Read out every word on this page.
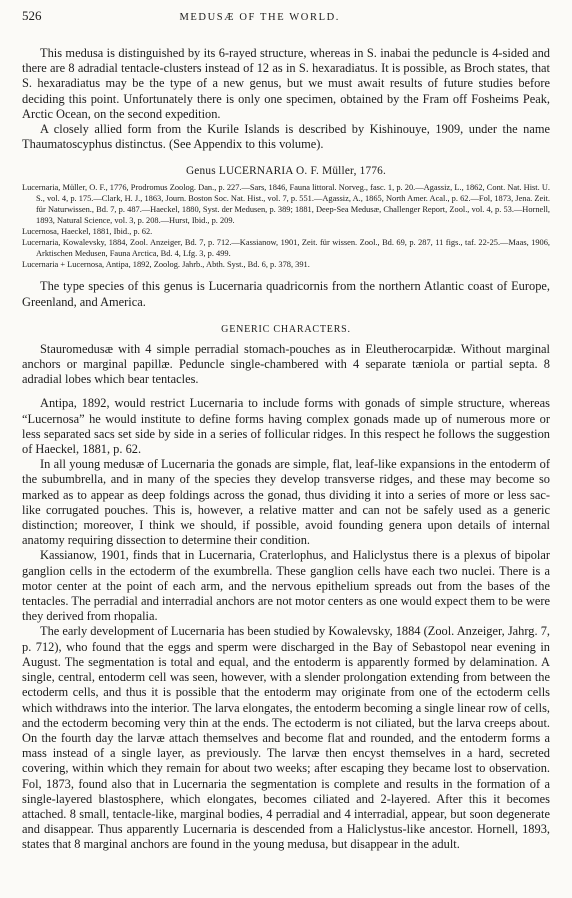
526	MEDUSÆ OF THE WORLD.

This medusa is distinguished by its 6-rayed structure, whereas in S. inabai the peduncle is 4-sided and there are 8 adradial tentacle-clusters instead of 12 as in S. hexaradiatus. It is possible, as Broch states, that S. hexaradiatus may be the type of a new genus, but we must await results of future studies before deciding this point. Unfortunately there is only one specimen, obtained by the Fram off Fosheims Peak, Arctic Ocean, on the second expedition.

A closely allied form from the Kurile Islands is described by Kishinouye, 1909, under the name Thaumatoscyphus distinctus. (See Appendix to this volume).

Genus LUCERNARIA O. F. Müller, 1776.

Lucernaria, Müller, O. F., 1776, Prodromus Zoolog. Dan., p. 227.—Sars, 1846, Fauna littoral. Norveg., fasc. 1, p. 20.—Agassiz, L., 1862, Cont. Nat. Hist. U. S., vol. 4, p. 175.—Clark, H. J., 1863, Journ. Boston Soc. Nat. Hist., vol. 7, p. 551.—Agassiz, A., 1865, North Amer. Acal., p. 62.—Fol, 1873, Jena. Zeit. für Naturwissen., Bd. 7, p. 487.—Haeckel, 1880, Syst. der Medusen, p. 389; 1881, Deep-Sea Medusæ, Challenger Report, Zool., vol. 4, p. 53.—Hornell, 1893, Natural Science, vol. 3, p. 208.—Hurst, Ibid., p. 209.

Lucernosa, Haeckel, 1881, Ibid., p. 62.

Lucernaria, Kowalevsky, 1884, Zool. Anzeiger, Bd. 7, p. 712.—Kassianow, 1901, Zeit. für wissen. Zool., Bd. 69, p. 287, 11 figs., taf. 22-25.—Maas, 1906, Arktischen Medusen, Fauna Arctica, Bd. 4, Lfg. 3, p. 499.

Lucernaria + Lucernosa, Antipa, 1892, Zoolog. Jahrb., Abth. Syst., Bd. 6, p. 378, 391.

The type species of this genus is Lucernaria quadricornis from the northern Atlantic coast of Europe, Greenland, and America.

GENERIC CHARACTERS.

Stauromedusæ with 4 simple perradial stomach-pouches as in Eleutherocarpidæ. Without marginal anchors or marginal papillæ. Peduncle single-chambered with 4 separate tæniola or partial septa. 8 adradial lobes which bear tentacles.

Antipa, 1892, would restrict Lucernaria to include forms with gonads of simple structure, whereas “Lucernosa” he would institute to define forms having complex gonads made up of numerous more or less separated sacs set side by side in a series of follicular ridges. In this respect he follows the suggestion of Haeckel, 1881, p. 62.

In all young medusæ of Lucernaria the gonads are simple, flat, leaf-like expansions in the entoderm of the subumbrella, and in many of the species they develop transverse ridges, and these may become so marked as to appear as deep foldings across the gonad, thus dividing it into a series of more or less sac-like corrugated pouches. This is, however, a relative matter and can not be safely used as a generic distinction; moreover, I think we should, if possible, avoid founding genera upon details of internal anatomy requiring dissection to determine their condition.

Kassianow, 1901, finds that in Lucernaria, Craterlophus, and Haliclystus there is a plexus of bipolar ganglion cells in the ectoderm of the exumbrella. These ganglion cells have each two nuclei. There is a motor center at the point of each arm, and the nervous epithelium spreads out from the bases of the tentacles. The perradial and interradial anchors are not motor centers as one would expect them to be were they derived from rhopalia.

The early development of Lucernaria has been studied by Kowalevsky, 1884 (Zool. Anzeiger, Jahrg. 7, p. 712), who found that the eggs and sperm were discharged in the Bay of Sebastopol near evening in August. The segmentation is total and equal, and the entoderm is apparently formed by delamination. A single, central, entoderm cell was seen, however, with a slender prolongation extending from between the ectoderm cells, and thus it is possible that the entoderm may originate from one of the ectoderm cells which withdraws into the interior. The larva elongates, the entoderm becoming a single linear row of cells, and the ectoderm becoming very thin at the ends. The ectoderm is not ciliated, but the larva creeps about. On the fourth day the larvæ attach themselves and become flat and rounded, and the entoderm forms a mass instead of a single layer, as previously. The larvæ then encyst themselves in a hard, secreted covering, within which they remain for about two weeks; after escaping they became lost to observation. Fol, 1873, found also that in Lucernaria the segmentation is complete and results in the formation of a single-layered blastosphere, which elongates, becomes ciliated and 2-layered. After this it becomes attached. 8 small, tentacle-like, marginal bodies, 4 perradial and 4 interradial, appear, but soon degenerate and disappear. Thus apparently Lucernaria is descended from a Haliclystus-like ancestor. Hornell, 1893, states that 8 marginal anchors are found in the young medusa, but disappear in the adult.
